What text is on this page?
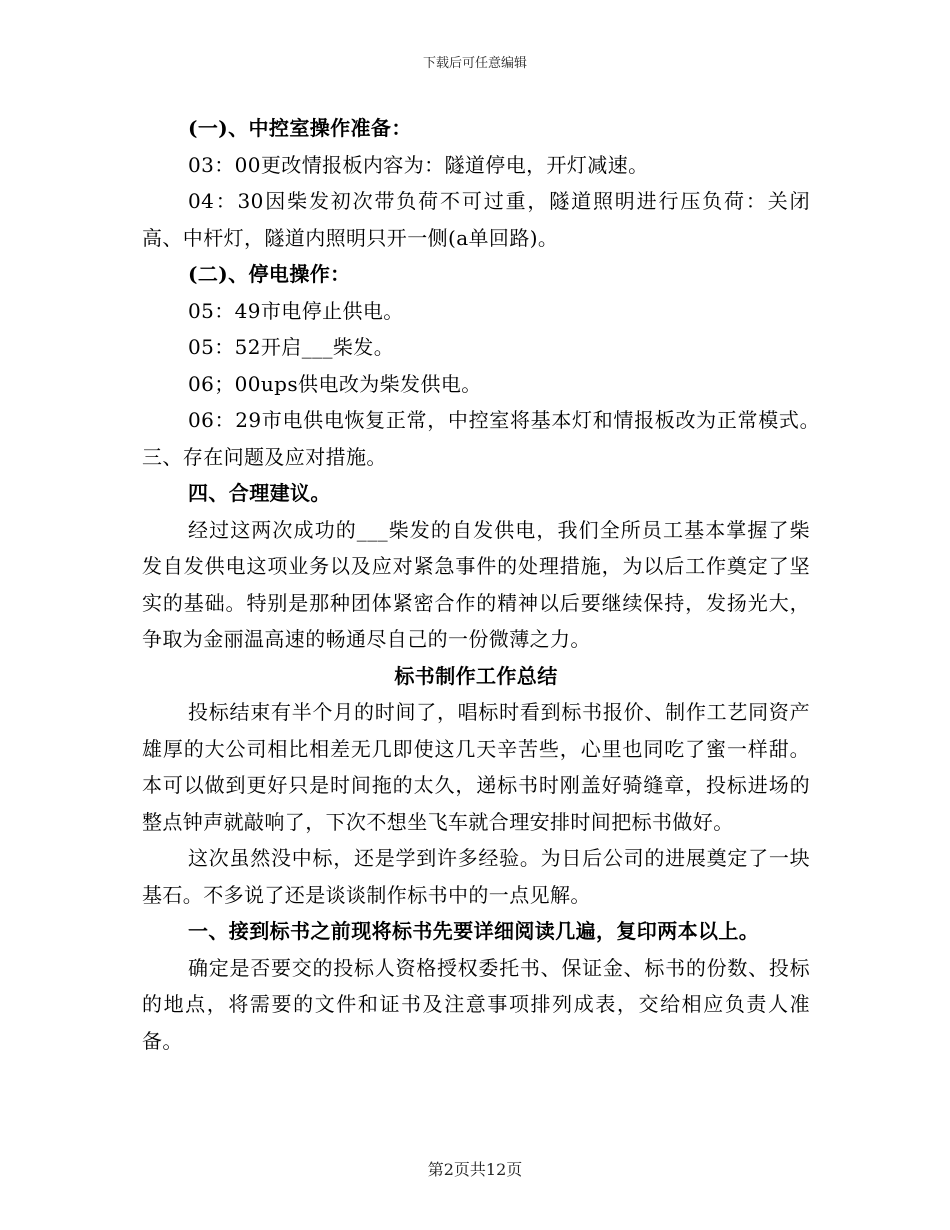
下载后可任意编辑

(一)、中控室操作准备：

03：00更改情报板内容为：隧道停电，开灯减速。

04：30因柴发初次带负荷不可过重，隧道照明进行压负荷：关闭高、中杆灯，隧道内照明只开一侧(a单回路)。

(二)、停电操作：

05：49市电停止供电。

05：52开启___柴发。

06；00ups供电改为柴发供电。

06：29市电供电恢复正常，中控室将基本灯和情报板改为正常模式。　三、存在问题及应对措施。

四、合理建议。

经过这两次成功的___柴发的自发供电，我们全所员工基本掌握了柴发自发供电这项业务以及应对紧急事件的处理措施，为以后工作奠定了坚实的基础。特别是那种团体紧密合作的精神以后要继续保持，发扬光大，争取为金丽温高速的畅通尽自己的一份微薄之力。

标书制作工作总结

投标结束有半个月的时间了，唱标时看到标书报价、制作工艺同资产雄厚的大公司相比相差无几即使这几天辛苦些，心里也同吃了蜜一样甜。本可以做到更好只是时间拖的太久，递标书时刚盖好骑缝章，投标进场的整点钟声就敲响了，下次不想坐飞车就合理安排时间把标书做好。

这次虽然没中标，还是学到许多经验。为日后公司的进展奠定了一块基石。不多说了还是谈谈制作标书中的一点见解。

一、接到标书之前现将标书先要详细阅读几遍，复印两本以上。

确定是否要交的投标人资格授权委托书、保证金、标书的份数、投标的地点，将需要的文件和证书及注意事项排列成表，交给相应负责人准备。

第2页共12页
